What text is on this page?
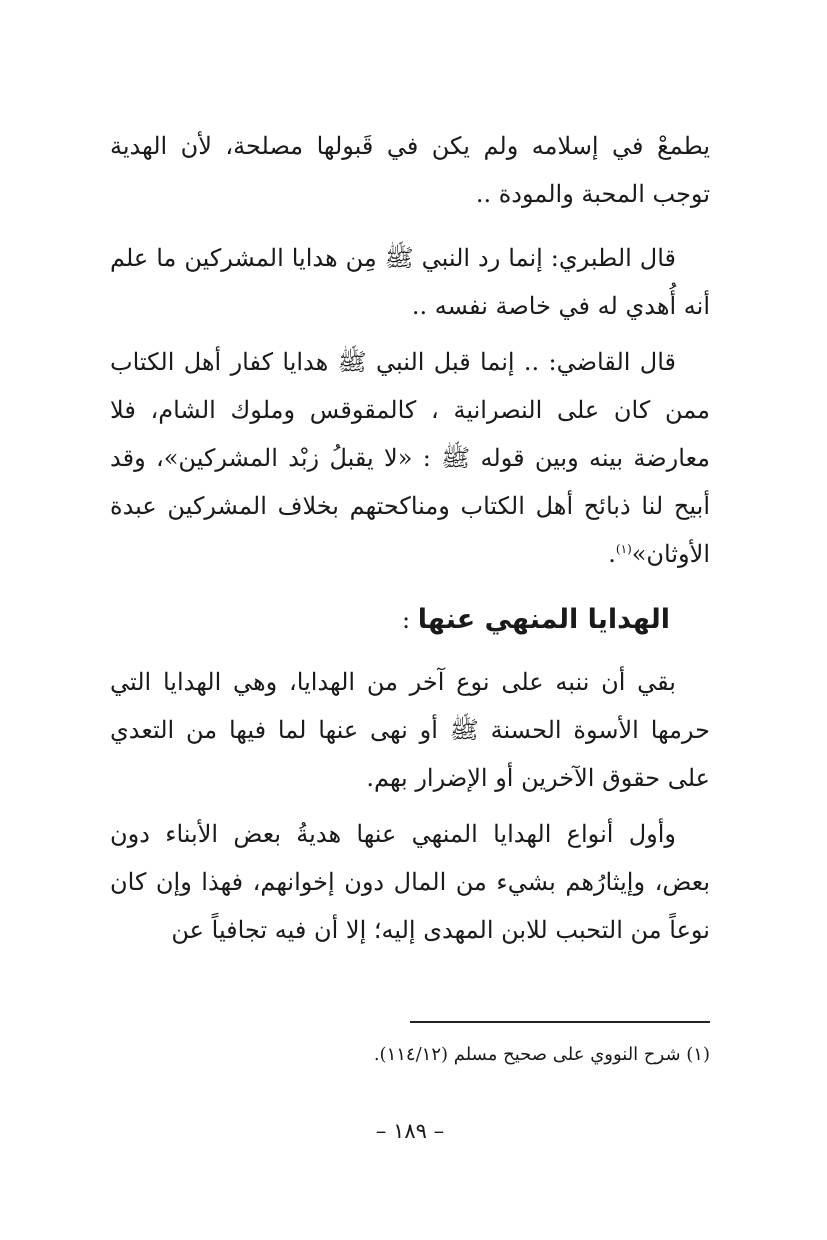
يطمعْ في إسلامه ولم يكن في قَبولها مصلحة، لأن الهدية توجب المحبة والمودة ..

قال الطبري: إنما رد النبي ﷺ مِن هدايا المشركين ما علم أنه أُهدي له في خاصة نفسه ..

قال القاضي: .. إنما قبل النبي ﷺ هدايا كفار أهل الكتاب ممن كان على النصرانية ، كالمقوقس وملوك الشام، فلا معارضة بينه وبين قوله ﷺ : «لا يقبلُ زبْد المشركين»، وقد أبيح لنا ذبائح أهل الكتاب ومناكحتهم بخلاف المشركين عبدة الأوثان»$^{(١)}$.

الهدايا المنهي عنها :

بقي أن ننبه على نوع آخر من الهدايا، وهي الهدايا التي حرمها الأسوة الحسنة ﷺ أو نهى عنها لما فيها من التعدي على حقوق الآخرين أو الإضرار بهم.

وأول أنواع الهدايا المنهي عنها هديةُ بعض الأبناء دون بعض، وإيثارُهم بشيء من المال دون إخوانهم، فهذا وإن كان نوعاً من التحبب للابن المهدى إليه؛ إلا أن فيه تجافياً عن

(١) شرح النووي على صحيح مسلم (١١٤/١٢).

– ١٨٩ –
